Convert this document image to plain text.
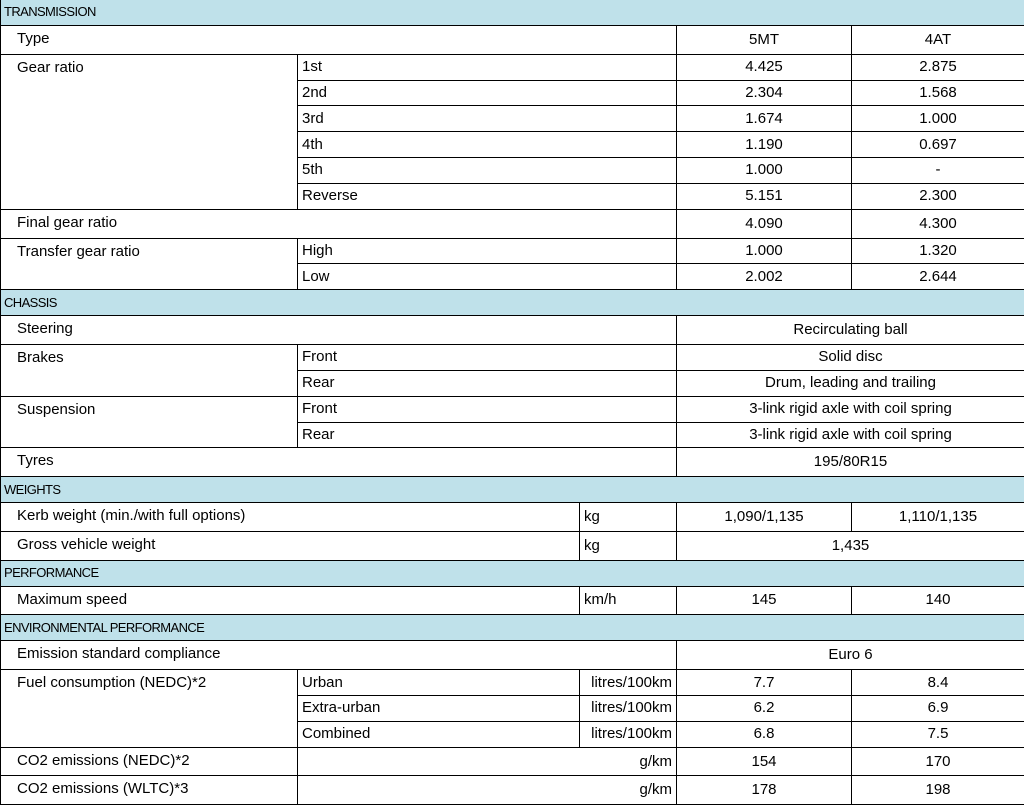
TRANSMISSION				
Type			5MT	4AT
Gear ratio	1st		4.425	2.875
	2nd		2.304	1.568
	3rd		1.674	1.000
	4th		1.190	0.697
	5th		1.000	-
	Reverse		5.151	2.300
Final gear ratio			4.090	4.300
Transfer gear ratio	High		1.000	1.320
	Low		2.002	2.644
CHASSIS				
Steering			Recirculating ball	
Brakes	Front		Solid disc	
	Rear		Drum, leading and trailing	
Suspension	Front		3-link rigid axle with coil spring	
	Rear		3-link rigid axle with coil spring	
Tyres			195/80R15	
WEIGHTS				
Kerb weight (min./with full options)		kg	1,090/1,135	1,110/1,135
Gross vehicle weight		kg	1,435	
PERFORMANCE				
Maximum speed		km/h	145	140
ENVIRONMENTAL PERFORMANCE				
Emission standard compliance			Euro 6	
Fuel consumption (NEDC)*2	Urban	litres/100km	7.7	8.4
	Extra-urban	litres/100km	6.2	6.9
	Combined	litres/100km	6.8	7.5
CO2 emissions (NEDC)*2	g/km		154	170
CO2 emissions (WLTC)*3	g/km		178	198
